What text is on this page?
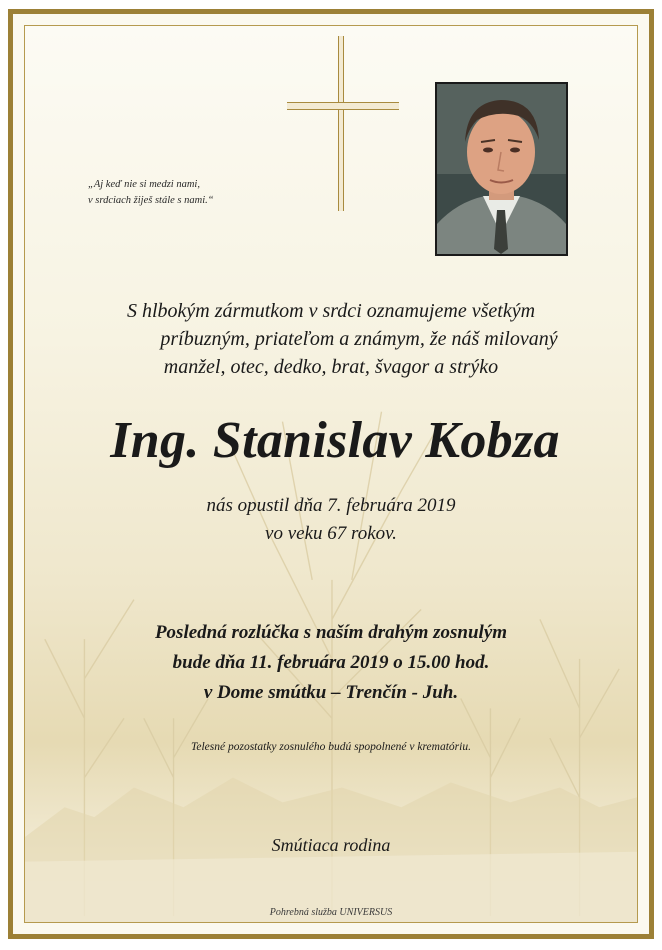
„Aj keď nie si medzi nami,
v srdciach žiješ stále s nami.“
S hlbokým zármutkom v srdci oznamujeme všetkým
príbuzným, priateľom a známym, že náš milovaný
manžel, otec, dedko, brat, švagor a strýko
Ing. Stanislav Kobza
nás opustil dňa 7. februára 2019
vo veku 67 rokov.
Posledná rozlúčka s naším drahým zosnulým
bude dňa 11. februára 2019 o 15.00 hod.
v Dome smútku – Trenčín - Juh.
Telesné pozostatky zosnulého budú spopolnené v krematóriu.
Smútiaca rodina
Pohrebná služba UNIVERSUS
